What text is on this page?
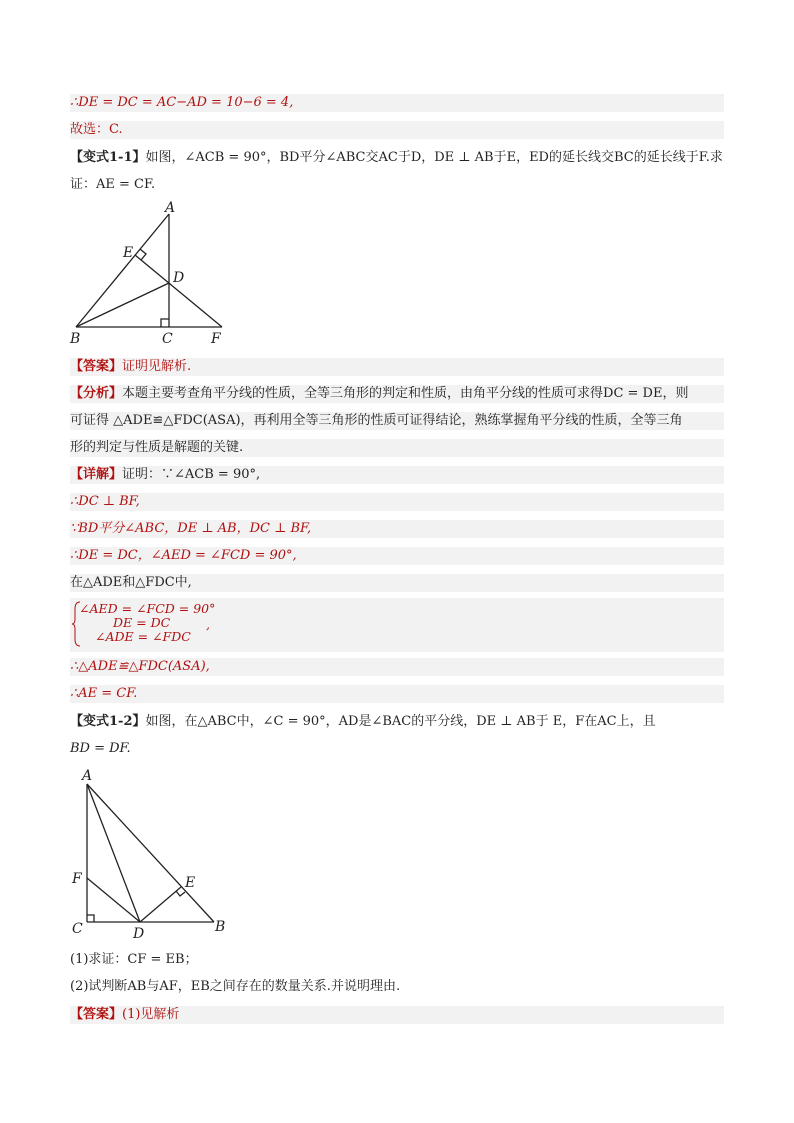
∴DE = DC = AC−AD = 10−6 = 4,
故选：C.
【变式1-1】如图，∠ACB = 90°，BD平分∠ABC交AC于D，DE ⊥ AB于E，ED的延长线交BC的延长线于F.求
证：AE = CF.
A
E
D
B	C	F
【答案】证明见解析.
【分析】本题主要考查角平分线的性质，全等三角形的判定和性质，由角平分线的性质可求得DC = DE，则
可证得 △ADE≌△FDC(ASA)，再利用全等三角形的性质可证得结论，熟练掌握角平分线的性质，全等三角
形的判定与性质是解题的关键.
【详解】证明：∵∠ACB = 90°,
∴DC ⊥ BF,
∵BD平分∠ABC，DE ⊥ AB，DC ⊥ BF,
∴DE = DC，∠AED = ∠FCD = 90°,
在△ADE和△FDC中,
∠AED = ∠FCD = 90°
DE = DC
∠ADE = ∠FDC
,
∴△ADE≌△FDC(ASA),
∴AE = CF.
【变式1-2】如图，在△ABC中，∠C = 90°，AD是∠BAC的平分线，DE ⊥ AB于 E，F在AC上，且
BD = DF.
A
F	E
C	D	B
(1)求证：CF = EB；
(2)试判断AB与AF，EB之间存在的数量关系.并说明理由.
【答案】(1)见解析
